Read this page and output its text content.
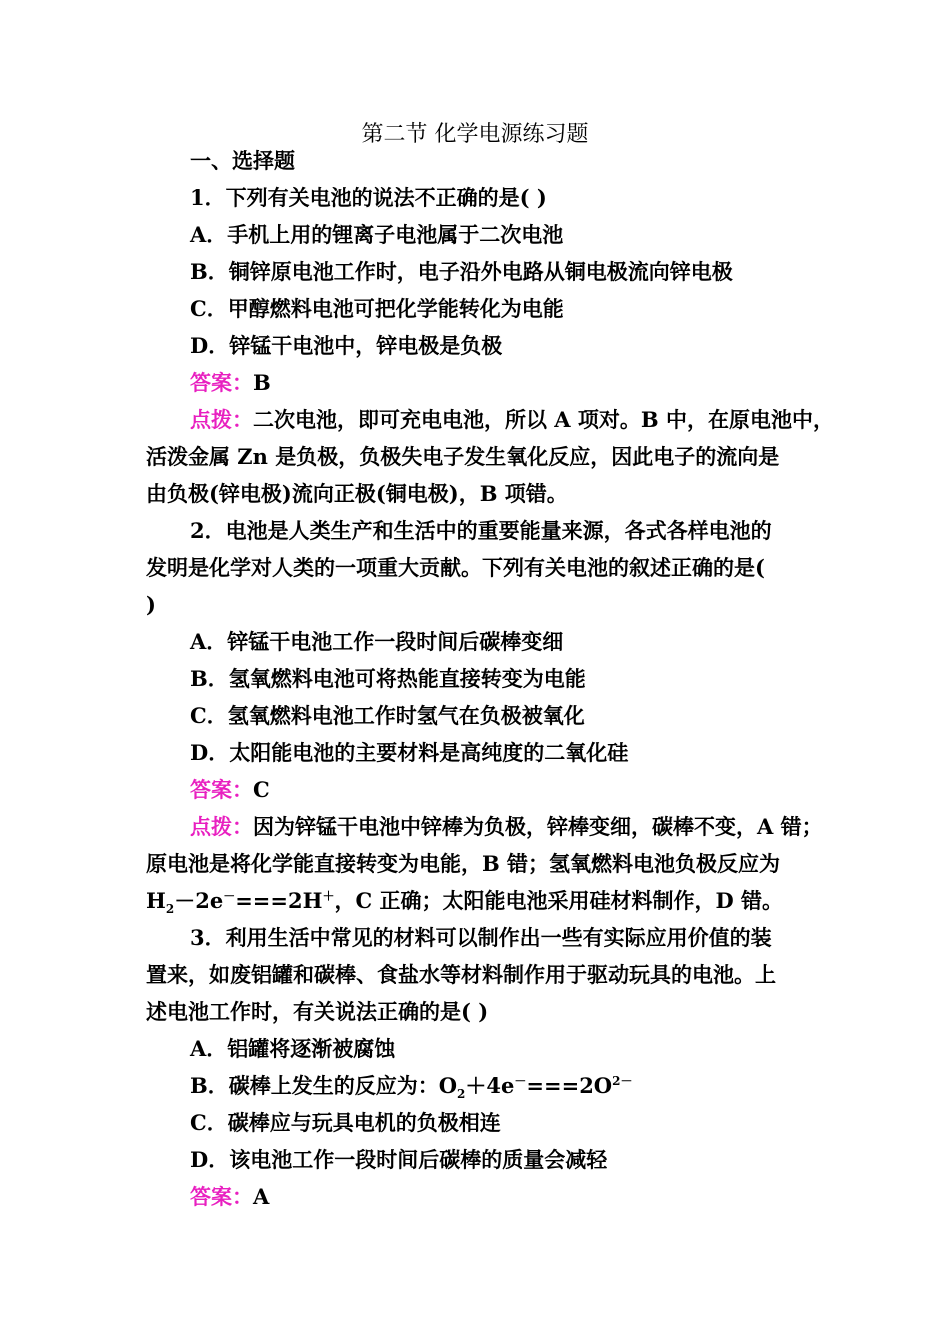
第二节 化学电源练习题
一、选择题
1．下列有关电池的说法不正确的是( )
A．手机上用的锂离子电池属于二次电池
B．铜锌原电池工作时，电子沿外电路从铜电极流向锌电极
C．甲醇燃料电池可把化学能转化为电能
D．锌锰干电池中，锌电极是负极
答案：B
点拨：二次电池，即可充电电池，所以 A 项对。B 中，在原电池中，
活泼金属 Zn 是负极，负极失电子发生氧化反应，因此电子的流向是
由负极(锌电极)流向正极(铜电极)，B 项错。
2．电池是人类生产和生活中的重要能量来源，各式各样电池的
发明是化学对人类的一项重大贡献。下列有关电池的叙述正确的是(
)
A．锌锰干电池工作一段时间后碳棒变细
B．氢氧燃料电池可将热能直接转变为电能
C．氢氧燃料电池工作时氢气在负极被氧化
D．太阳能电池的主要材料是高纯度的二氧化硅
答案：C
点拨：因为锌锰干电池中锌棒为负极，锌棒变细，碳棒不变，A 错；
原电池是将化学能直接转变为电能，B 错；氢氧燃料电池负极反应为
$H_2-2e^-===2H^+$，C 正确；太阳能电池采用硅材料制作，D 错。
3．利用生活中常见的材料可以制作出一些有实际应用价值的装
置来，如废铝罐和碳棒、食盐水等材料制作用于驱动玩具的电池。上
述电池工作时，有关说法正确的是( )
A．铝罐将逐渐被腐蚀
B．碳棒上发生的反应为：$O_2+4e^-===2O^{2-}$
C．碳棒应与玩具电机的负极相连
D．该电池工作一段时间后碳棒的质量会减轻
答案：A
